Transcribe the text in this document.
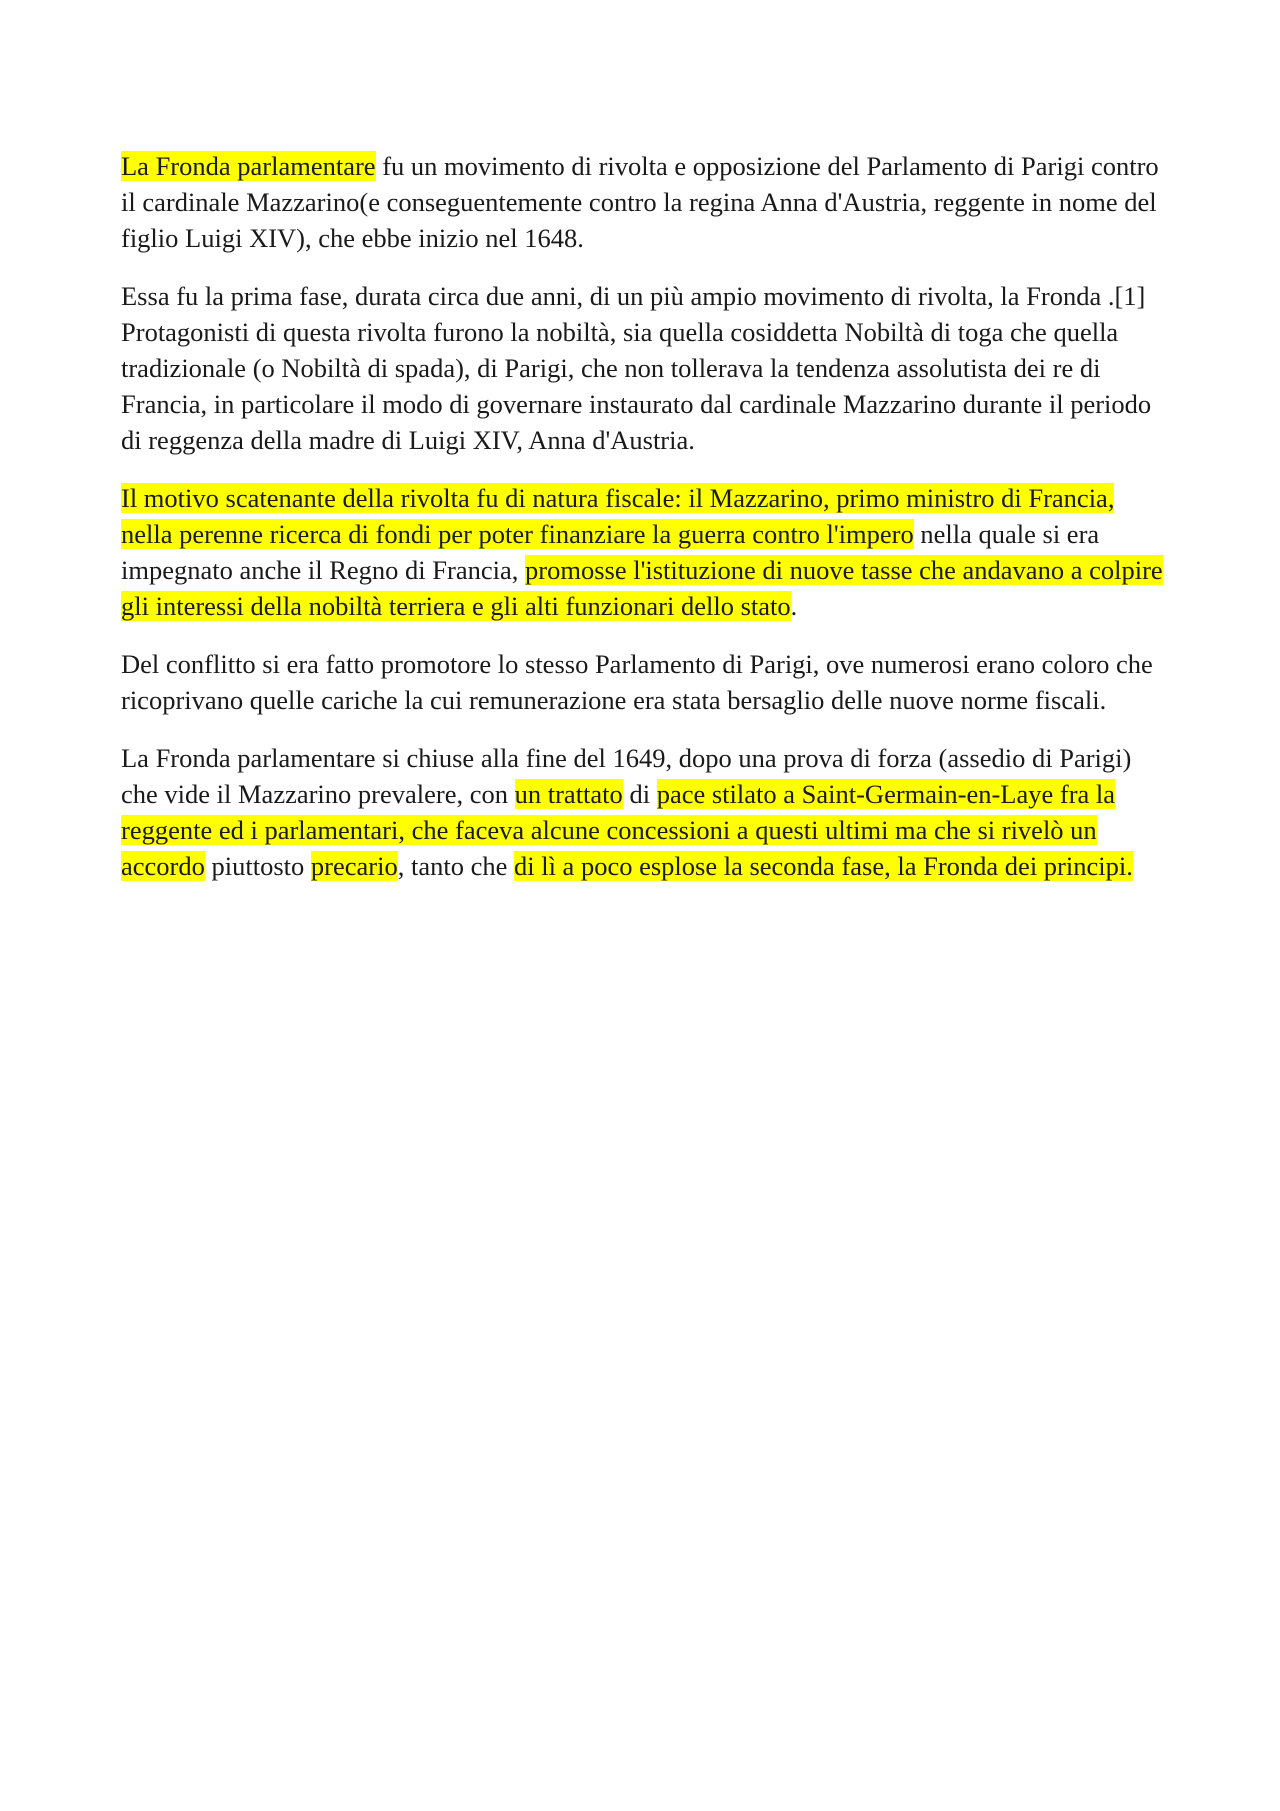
La Fronda parlamentare fu un movimento di rivolta e opposizione del Parlamento di Parigi contro il cardinale Mazzarino(e conseguentemente contro la regina Anna d'Austria, reggente in nome del figlio Luigi XIV), che ebbe inizio nel 1648.

Essa fu la prima fase, durata circa due anni, di un più ampio movimento di rivolta, la Fronda .[1] Protagonisti di questa rivolta furono la nobiltà, sia quella cosiddetta Nobiltà di toga che quella tradizionale (o Nobiltà di spada), di Parigi, che non tollerava la tendenza assolutista dei re di Francia, in particolare il modo di governare instaurato dal cardinale Mazzarino durante il periodo di reggenza della madre di Luigi XIV, Anna d'Austria.

Il motivo scatenante della rivolta fu di natura fiscale: il Mazzarino, primo ministro di Francia, nella perenne ricerca di fondi per poter finanziare la guerra contro l'impero nella quale si era impegnato anche il Regno di Francia, promosse l'istituzione di nuove tasse che andavano a colpire gli interessi della nobiltà terriera e gli alti funzionari dello stato.

Del conflitto si era fatto promotore lo stesso Parlamento di Parigi, ove numerosi erano coloro che ricoprivano quelle cariche la cui remunerazione era stata bersaglio delle nuove norme fiscali.

La Fronda parlamentare si chiuse alla fine del 1649, dopo una prova di forza (assedio di Parigi) che vide il Mazzarino prevalere, con un trattato di pace stilato a Saint-Germain-en-Laye fra la reggente ed i parlamentari, che faceva alcune concessioni a questi ultimi ma che si rivelò un accordo piuttosto precario, tanto che di lì a poco esplose la seconda fase, la Fronda dei principi.
